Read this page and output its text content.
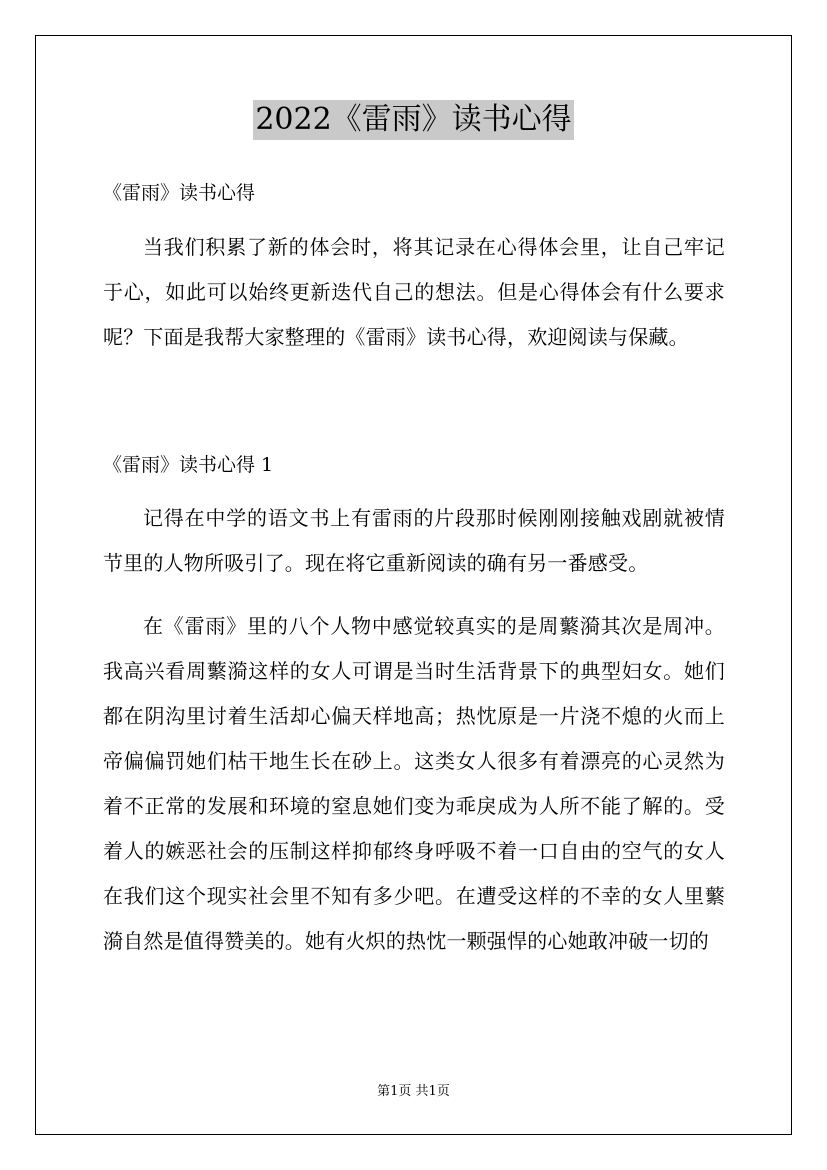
2022《雷雨》读书心得
《雷雨》读书心得
当我们积累了新的体会时，将其记录在心得体会里，让自己牢记于心，如此可以始终更新迭代自己的想法。但是心得体会有什么要求呢？下面是我帮大家整理的《雷雨》读书心得，欢迎阅读与保藏。
《雷雨》读书心得 1
记得在中学的语文书上有雷雨的片段那时候刚刚接触戏剧就被情节里的人物所吸引了。现在将它重新阅读的确有另一番感受。
在《雷雨》里的八个人物中感觉较真实的是周蘩漪其次是周冲。我高兴看周蘩漪这样的女人可谓是当时生活背景下的典型妇女。她们都在阴沟里讨着生活却心偏天样地高；热忱原是一片浇不熄的火而上帝偏偏罚她们枯干地生长在砂上。这类女人很多有着漂亮的心灵然为着不正常的发展和环境的窒息她们变为乖戾成为人所不能了解的。受着人的嫉恶社会的压制这样抑郁终身呼吸不着一口自由的空气的女人在我们这个现实社会里不知有多少吧。在遭受这样的不幸的女人里蘩漪自然是值得赞美的。她有火炽的热忱一颗强悍的心她敢冲破一切的
第1页 共1页
